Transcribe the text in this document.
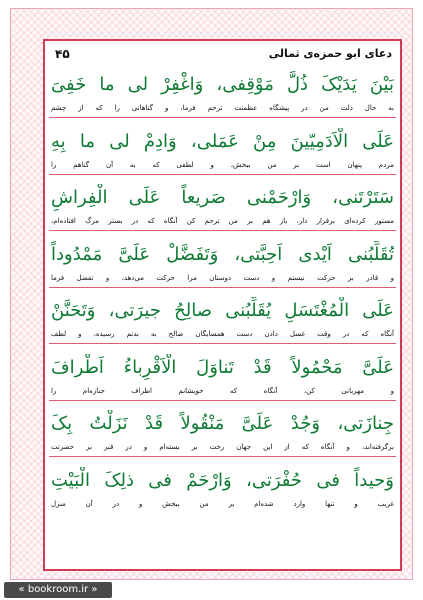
دعای ابو حمزه‌ی ثمالی
۴۵
بَیْنَ یَدَیْکَ ذُلَّ مَوْقِفی، وَاغْفِرْ لی ما خَفِیَ
به حال ذلت من در پیشگاه عظمتت ترحم فرما، و گناهانی را که از چشم
عَلَی الْاَدَمِیّینَ مِنْ عَمَلی، وَادِمْ لی ما بِهِ
مردم پنهان است بر من ببخش، و لطفی که به آن گناهم را
سَتَرْتَنی، وَارْحَمْنی صَریعاً عَلَی الْفِراشِ
مستور کرده‌ای برقرار دار، باز هم بر من ترحم کن آنگاه که در بستر مرگ افتاده‌ام،
تُقَلِّبُنی اَیْدی اَحِبَّتی، وَتَفَضَّلْ عَلَیَّ مَمْدُوداً
و قادر بر حرکت نیستم و دست دوستان مرا حرکت می‌دهد، و تفضل فرما
عَلَی الْمُغْتَسَلِ یُقَلِّبُنی صالِحُ جیرَتی، وَتَحَنَّنْ
آنگاه که در وقت غسل دادن دست همسایگان صالح به بدنم رسیده، و لطف
عَلَیَّ مَحْمُولاً قَدْ تَناوَلَ الْاَقْرِباءُ اَطْرافَ
و مهربانی کن، آنگاه که خویشانم اطراف جنازه‌ام را
جِنازَتی، وَجُدْ عَلَیَّ مَنْقُولاً قَدْ نَزَلْتُ بِکَ
برگرفته‌اند، و آنگاه که از این جهان رخت بر بسته‌ام و در قبر بر حضرتت
وَحیداً فی حُفْرَتی، وَارْحَمْ فی ذلِکَ الْبَیْتِ
غریب و تنها وارد شده‌ام بر من ببخش و در آن منزل
« bookroom.ir »
